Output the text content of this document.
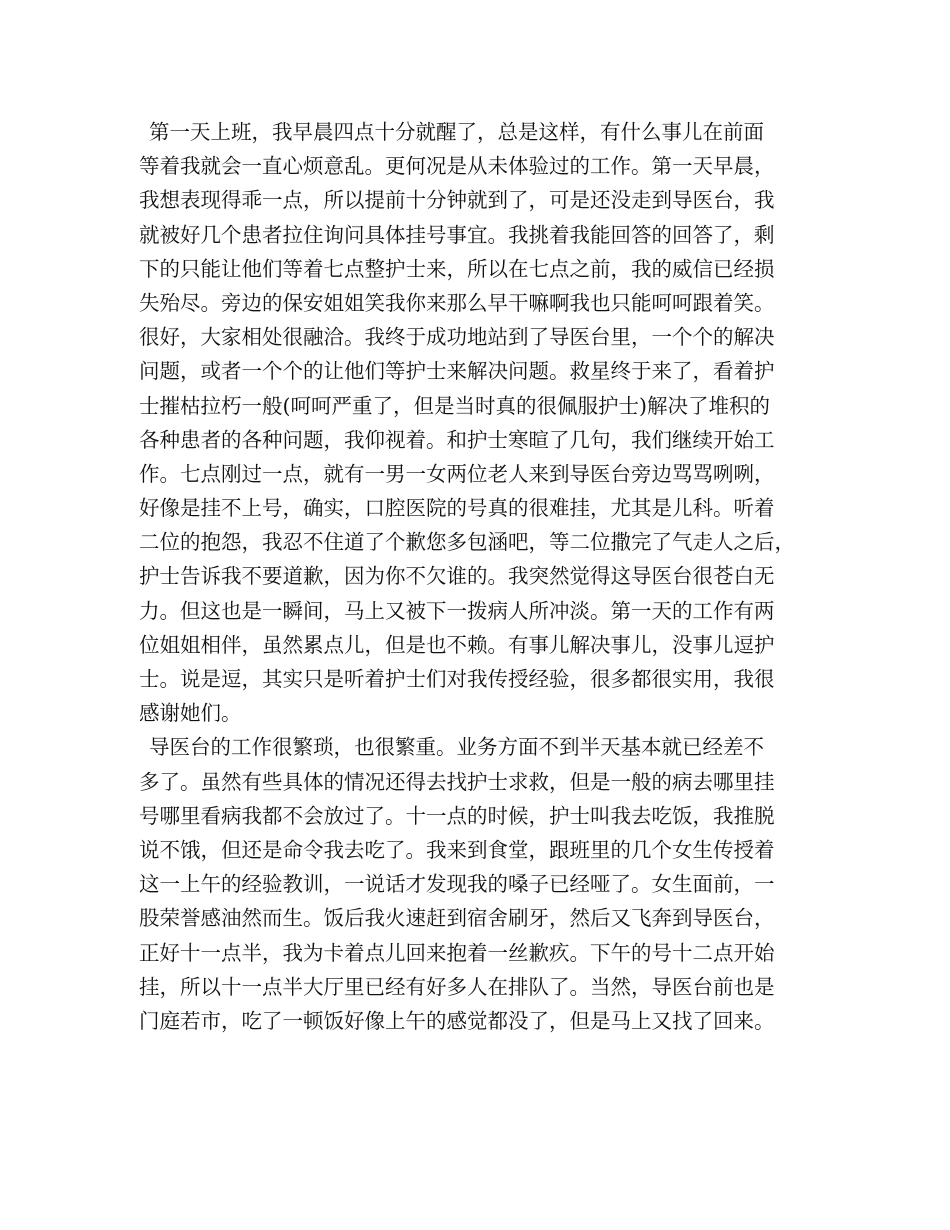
第一天上班，我早晨四点十分就醒了，总是这样，有什么事儿在前面
等着我就会一直心烦意乱。更何况是从未体验过的工作。第一天早晨，
我想表现得乖一点，所以提前十分钟就到了，可是还没走到导医台，我
就被好几个患者拉住询问具体挂号事宜。我挑着我能回答的回答了，剩
下的只能让他们等着七点整护士来，所以在七点之前，我的威信已经损
失殆尽。旁边的保安姐姐笑我你来那么早干嘛啊我也只能呵呵跟着笑。
很好，大家相处很融洽。我终于成功地站到了导医台里，一个个的解决
问题，或者一个个的让他们等护士来解决问题。救星终于来了，看着护
士摧枯拉朽一般(呵呵严重了，但是当时真的很佩服护士)解决了堆积的
各种患者的各种问题，我仰视着。和护士寒暄了几句，我们继续开始工
作。七点刚过一点，就有一男一女两位老人来到导医台旁边骂骂咧咧，
好像是挂不上号，确实，口腔医院的号真的很难挂，尤其是儿科。听着
二位的抱怨，我忍不住道了个歉您多包涵吧，等二位撒完了气走人之后，
护士告诉我不要道歉，因为你不欠谁的。我突然觉得这导医台很苍白无
力。但这也是一瞬间，马上又被下一拨病人所冲淡。第一天的工作有两
位姐姐相伴，虽然累点儿，但是也不赖。有事儿解决事儿，没事儿逗护
士。说是逗，其实只是听着护士们对我传授经验，很多都很实用，我很
感谢她们。
导医台的工作很繁琐，也很繁重。业务方面不到半天基本就已经差不
多了。虽然有些具体的情况还得去找护士求救，但是一般的病去哪里挂
号哪里看病我都不会放过了。十一点的时候，护士叫我去吃饭，我推脱
说不饿，但还是命令我去吃了。我来到食堂，跟班里的几个女生传授着
这一上午的经验教训，一说话才发现我的嗓子已经哑了。女生面前，一
股荣誉感油然而生。饭后我火速赶到宿舍刷牙，然后又飞奔到导医台，
正好十一点半，我为卡着点儿回来抱着一丝歉疚。下午的号十二点开始
挂，所以十一点半大厅里已经有好多人在排队了。当然，导医台前也是
门庭若市，吃了一顿饭好像上午的感觉都没了，但是马上又找了回来。
